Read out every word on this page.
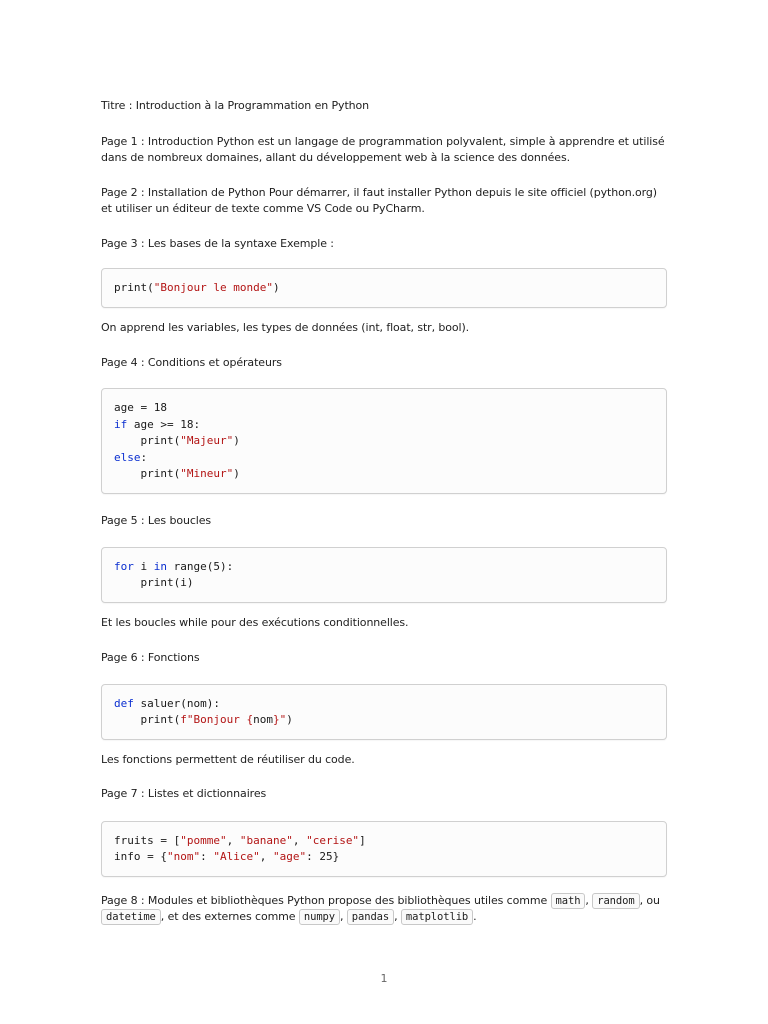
Titre : Introduction à la Programmation en Python

Page 1 : Introduction Python est un langage de programmation polyvalent, simple à apprendre et utilisé dans de nombreux domaines, allant du développement web à la science des données.

Page 2 : Installation de Python Pour démarrer, il faut installer Python depuis le site officiel (python.org) et utiliser un éditeur de texte comme VS Code ou PyCharm.

Page 3 : Les bases de la syntaxe Exemple :

print("Bonjour le monde")

On apprend les variables, les types de données (int, float, str, bool).

Page 4 : Conditions et opérateurs

age = 18
if age >= 18:
print("Majeur")
else:
print("Mineur")

Page 5 : Les boucles

for i in range(5):
print(i)

Et les boucles while pour des exécutions conditionnelles.

Page 6 : Fonctions

def saluer(nom):
print(f"Bonjour {nom}")

Les fonctions permettent de réutiliser du code.

Page 7 : Listes et dictionnaires

fruits = ["pomme", "banane", "cerise"]
info = {"nom": "Alice", "age": 25}

Page 8 : Modules et bibliothèques Python propose des bibliothèques utiles comme math , random , ou datetime , et des externes comme numpy , pandas , matplotlib .

1
